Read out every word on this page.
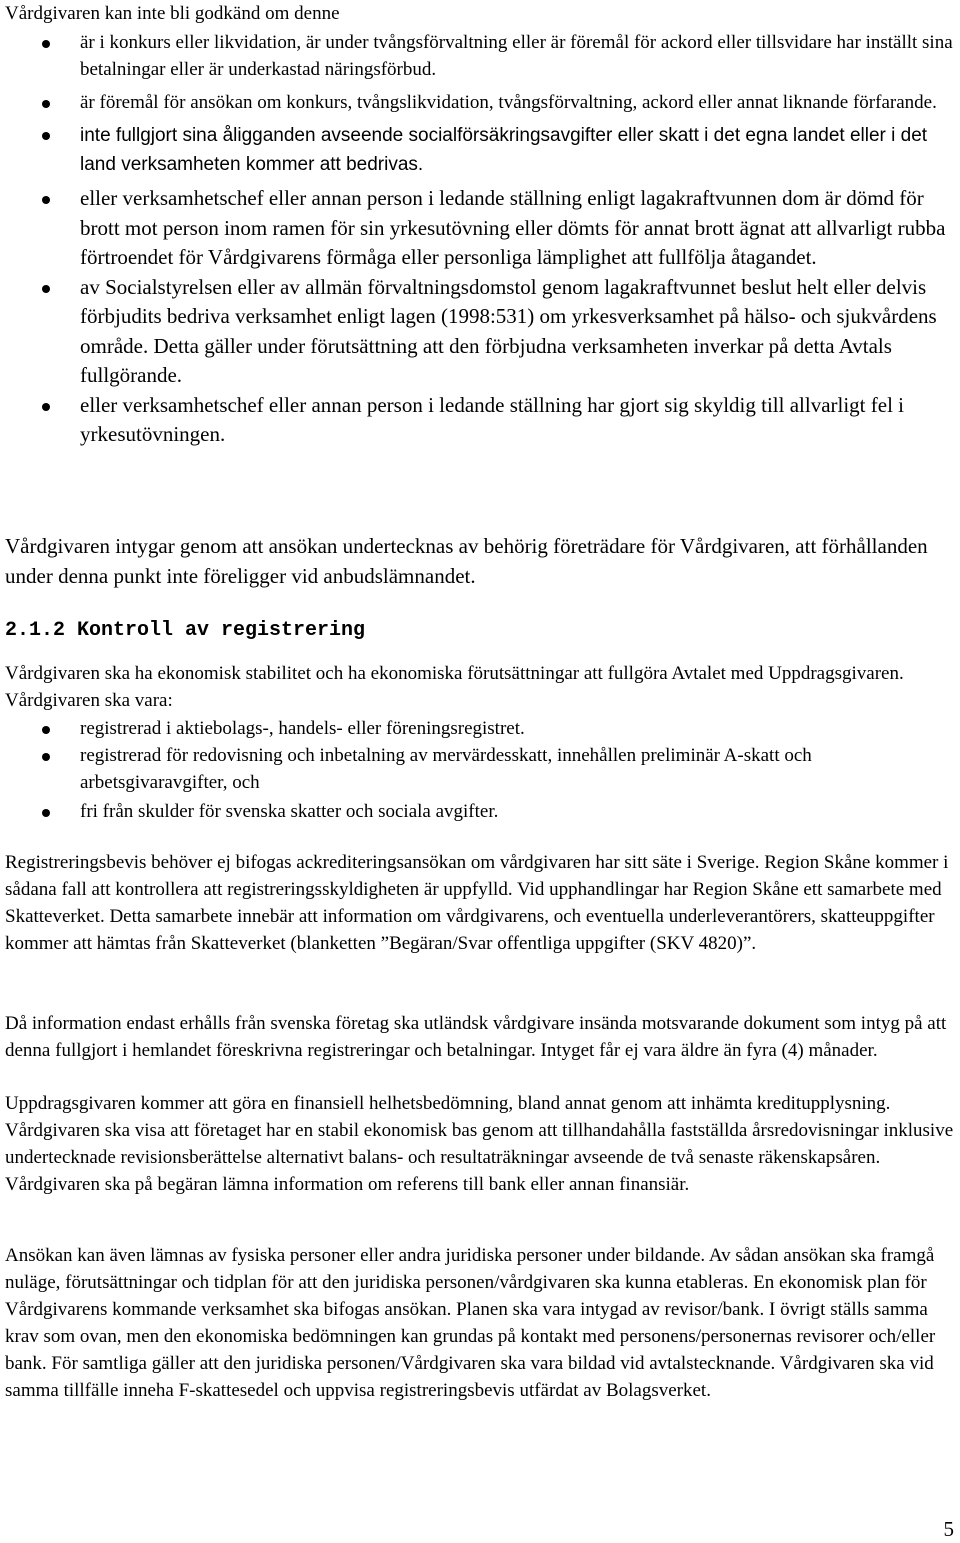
Vårdgivaren kan inte bli godkänd om denne

är i konkurs eller likvidation, är under tvångsförvaltning eller är föremål för ackord eller tillsvidare har inställt sina betalningar eller är underkastad näringsförbud.
är föremål för ansökan om konkurs, tvångslikvidation, tvångsförvaltning, ackord eller annat liknande förfarande.
inte fullgjort sina åligganden avseende socialförsäkringsavgifter eller skatt i det egna landet eller i det land verksamheten kommer att bedrivas.
eller verksamhetschef eller annan person i ledande ställning enligt lagakraftvunnen dom är dömd för brott mot person inom ramen för sin yrkesutövning eller dömts för annat brott ägnat att allvarligt rubba förtroendet för Vårdgivarens förmåga eller personliga lämplighet att fullfölja åtagandet.
av Socialstyrelsen eller av allmän förvaltningsdomstol genom lagakraftvunnet beslut helt eller delvis förbjudits bedriva verksamhet enligt lagen (1998:531) om yrkesverksamhet på hälso- och sjukvårdens område. Detta gäller under förutsättning att den förbjudna verksamheten inverkar på detta Avtals fullgörande.
eller verksamhetschef eller annan person i ledande ställning har gjort sig skyldig till allvarligt fel i yrkesutövningen.

Vårdgivaren intygar genom att ansökan undertecknas av behörig företrädare för Vårdgivaren, att förhållanden under denna punkt inte föreligger vid anbudslämnandet.

2.1.2 Kontroll av registrering

Vårdgivaren ska ha ekonomisk stabilitet och ha ekonomiska förutsättningar att fullgöra Avtalet med Uppdragsgivaren. Vårdgivaren ska vara:

registrerad i aktiebolags-, handels- eller föreningsregistret.
registrerad för redovisning och inbetalning av mervärdesskatt, innehållen preliminär A-skatt och arbetsgivaravgifter, och
fri från skulder för svenska skatter och sociala avgifter.

Registreringsbevis behöver ej bifogas ackrediteringsansökan om vårdgivaren har sitt säte i Sverige. Region Skåne kommer i sådana fall att kontrollera att registreringsskyldigheten är uppfylld. Vid upphandlingar har Region Skåne ett samarbete med Skatteverket. Detta samarbete innebär att information om vårdgivarens, och eventuella underleverantörers, skatteuppgifter kommer att hämtas från Skatteverket (blanketten ”Begäran/Svar offentliga uppgifter (SKV 4820)”.

Då information endast erhålls från svenska företag ska utländsk vårdgivare insända motsvarande dokument som intyg på att denna fullgjort i hemlandet föreskrivna registreringar och betalningar. Intyget får ej vara äldre än fyra (4) månader.

Uppdragsgivaren kommer att göra en finansiell helhetsbedömning, bland annat genom att inhämta kreditupplysning. Vårdgivaren ska visa att företaget har en stabil ekonomisk bas genom att tillhandahålla fastställda årsredovisningar inklusive undertecknade revisionsberättelse alternativt balans- och resultaträkningar avseende de två senaste räkenskapsåren. Vårdgivaren ska på begäran lämna information om referens till bank eller annan finansiär.

Ansökan kan även lämnas av fysiska personer eller andra juridiska personer under bildande. Av sådan ansökan ska framgå nuläge, förutsättningar och tidplan för att den juridiska personen/vårdgivaren ska kunna etableras. En ekonomisk plan för Vårdgivarens kommande verksamhet ska bifogas ansökan. Planen ska vara intygad av revisor/bank. I övrigt ställs samma krav som ovan, men den ekonomiska bedömningen kan grundas på kontakt med personens/personernas revisorer och/eller bank. För samtliga gäller att den juridiska personen/Vårdgivaren ska vara bildad vid avtalstecknande. Vårdgivaren ska vid samma tillfälle inneha F-skattesedel och uppvisa registreringsbevis utfärdat av Bolagsverket.

5
